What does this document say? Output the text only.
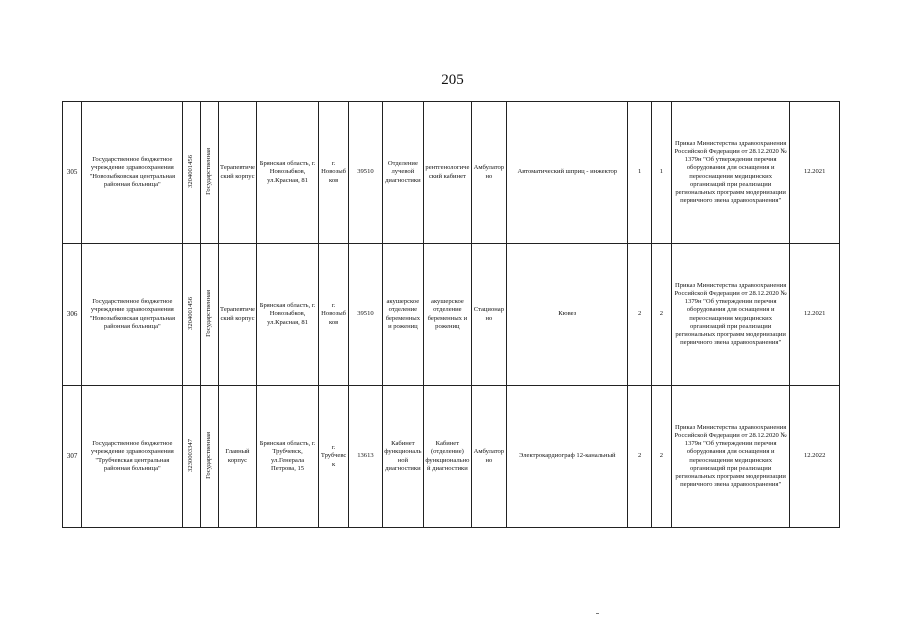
205
305	Государственное бюджетное учреждение здравоохранения "Новозыбковская центральная районная больница"	3204001456	Государственная	Терапевтический корпус	Брянская область, г. Новозыбков, ул.Красная, 81	г. Новозыбков	39510	Отделение лучевой диагностики	рентгенологический кабинет	Амбулаторно	Автоматический шприц - инжектор	1	1	Приказ Министерства здравоохранения Российской Федерации от 28.12.2020 № 1379н "Об утверждении перечня оборудования для оснащения и переоснащения медицинских организаций при реализации региональных программ модернизации первичного звена здравоохранения"	12.2021
306	Государственное бюджетное учреждение здравоохранения "Новозыбковская центральная районная больница"	3204001456	Государственная	Терапевтический корпус	Брянская область, г. Новозыбков, ул.Красная, 81	г. Новозыбков	39510	акушерское отделение беременных и рожениц	акушерское отделение беременных и рожениц	Стационарно	Кювез	2	2	Приказ Министерства здравоохранения Российской Федерации от 28.12.2020 № 1379н "Об утверждении перечня оборудования для оснащения и переоснащения медицинских организаций при реализации региональных программ модернизации первичного звена здравоохранения"	12.2021
307	Государственное бюджетное учреждение здравоохранения "Трубчевская центральная районная больница"	3230003347	Государственная	Главный корпус	Брянская область, г. Трубчевск, ул.Генерала Петрова, 15	г. Трубчевск	13613	Кабинет функциональной диагностики	Кабинет (отделение) функциональной диагностики	Амбулаторно	Электрокардиограф 12-канальный	2	2	Приказ Министерства здравоохранения Российской Федерации от 28.12.2020 № 1379н "Об утверждении перечня оборудования для оснащения и переоснащения медицинских организаций при реализации региональных программ модернизации первичного звена здравоохранения"	12.2022
